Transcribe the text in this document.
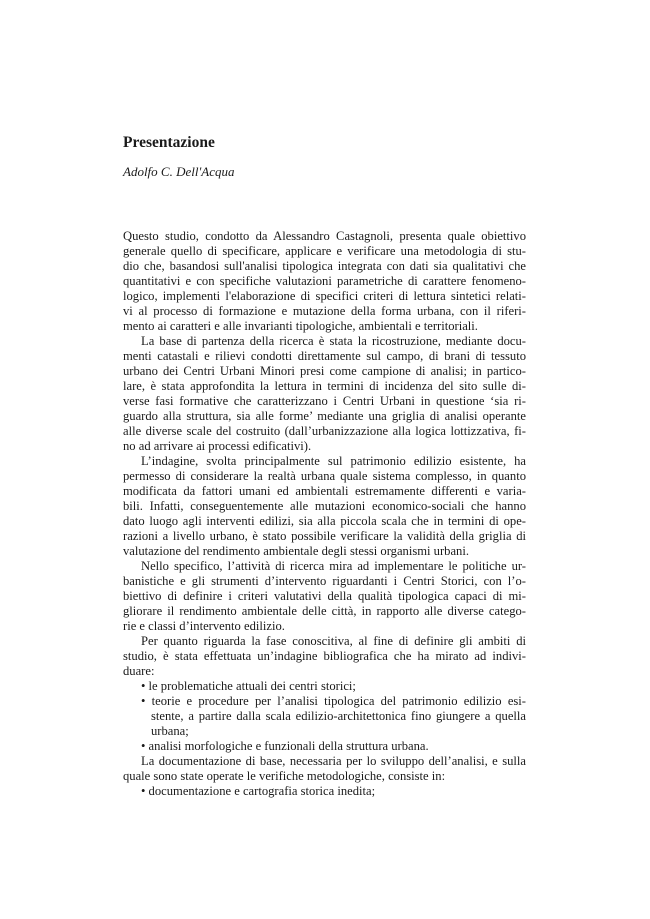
Presentazione
Adolfo C. Dell'Acqua
Questo studio, condotto da Alessandro Castagnoli, presenta quale obiettivo
generale quello di specificare, applicare e verificare una metodologia di stu-
dio che, basandosi sull'analisi tipologica integrata con dati sia qualitativi che
quantitativi e con specifiche valutazioni parametriche di carattere fenomeno-
logico, implementi l'elaborazione di specifici criteri di lettura sintetici relati-
vi al processo di formazione e mutazione della forma urbana, con il riferi-
mento ai caratteri e alle invarianti tipologiche, ambientali e territoriali.
La base di partenza della ricerca è stata la ricostruzione, mediante docu-
menti catastali e rilievi condotti direttamente sul campo, di brani di tessuto
urbano dei Centri Urbani Minori presi come campione di analisi; in partico-
lare, è stata approfondita la lettura in termini di incidenza del sito sulle di-
verse fasi formative che caratterizzano i Centri Urbani in questione ‘sia ri-
guardo alla struttura, sia alle forme’ mediante una griglia di analisi operante
alle diverse scale del costruito (dall’urbanizzazione alla logica lottizzativa, fi-
no ad arrivare ai processi edificativi).
L’indagine, svolta principalmente sul patrimonio edilizio esistente, ha
permesso di considerare la realtà urbana quale sistema complesso, in quanto
modificata da fattori umani ed ambientali estremamente differenti e varia-
bili. Infatti, conseguentemente alle mutazioni economico-sociali che hanno
dato luogo agli interventi edilizi, sia alla piccola scala che in termini di ope-
razioni a livello urbano, è stato possibile verificare la validità della griglia di
valutazione del rendimento ambientale degli stessi organismi urbani.
Nello specifico, l’attività di ricerca mira ad implementare le politiche ur-
banistiche e gli strumenti d’intervento riguardanti i Centri Storici, con l’o-
biettivo di definire i criteri valutativi della qualità tipologica capaci di mi-
gliorare il rendimento ambientale delle città, in rapporto alle diverse catego-
rie e classi d’intervento edilizio.
Per quanto riguarda la fase conoscitiva, al fine di definire gli ambiti di
studio, è stata effettuata un’indagine bibliografica che ha mirato ad indivi-
duare:
• le problematiche attuali dei centri storici;
• teorie e procedure per l’analisi tipologica del patrimonio edilizio esi-
stente, a partire dalla scala edilizio-architettonica fino giungere a quella
urbana;
• analisi morfologiche e funzionali della struttura urbana.
La documentazione di base, necessaria per lo sviluppo dell’analisi, e sulla
quale sono state operate le verifiche metodologiche, consiste in:
• documentazione e cartografia storica inedita;
